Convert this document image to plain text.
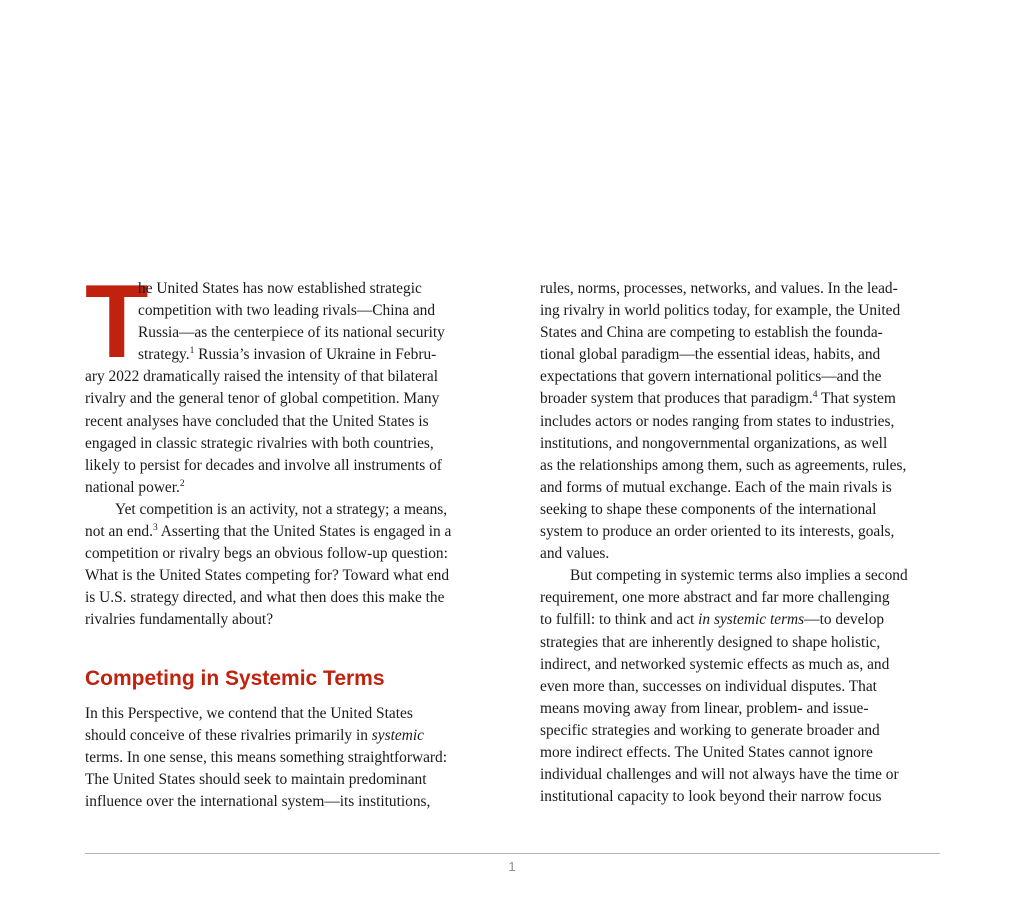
T
he United States has now established strategic
competition with two leading rivals—China and
Russia—as the centerpiece of its national security
strategy.$^1$ Russia’s invasion of Ukraine in Febru-
ary 2022 dramatically raised the intensity of that bilateral
rivalry and the general tenor of global competition. Many
recent analyses have concluded that the United States is
engaged in classic strategic rivalries with both countries,
likely to persist for decades and involve all instruments of
national power.$^2$
Yet competition is an activity, not a strategy; a means,
not an end.$^3$ Asserting that the United States is engaged in a
competition or rivalry begs an obvious follow-up question:
What is the United States competing for? Toward what end
is U.S. strategy directed, and what then does this make the
rivalries fundamentally about?
Competing in Systemic Terms
In this Perspective, we contend that the United States
should conceive of these rivalries primarily in systemic
terms. In one sense, this means something straightforward:
The United States should seek to maintain predominant
influence over the international system—its institutions,
rules, norms, processes, networks, and values. In the lead-
ing rivalry in world politics today, for example, the United
States and China are competing to establish the founda-
tional global paradigm—the essential ideas, habits, and
expectations that govern international politics—and the
broader system that produces that paradigm.$^4$ That system
includes actors or nodes ranging from states to industries,
institutions, and nongovernmental organizations, as well
as the relationships among them, such as agreements, rules,
and forms of mutual exchange. Each of the main rivals is
seeking to shape these components of the international
system to produce an order oriented to its interests, goals,
and values.
But competing in systemic terms also implies a second
requirement, one more abstract and far more challenging
to fulfill: to think and act in systemic terms—to develop
strategies that are inherently designed to shape holistic,
indirect, and networked systemic effects as much as, and
even more than, successes on individual disputes. That
means moving away from linear, problem- and issue-
specific strategies and working to generate broader and
more indirect effects. The United States cannot ignore
individual challenges and will not always have the time or
institutional capacity to look beyond their narrow focus
1
